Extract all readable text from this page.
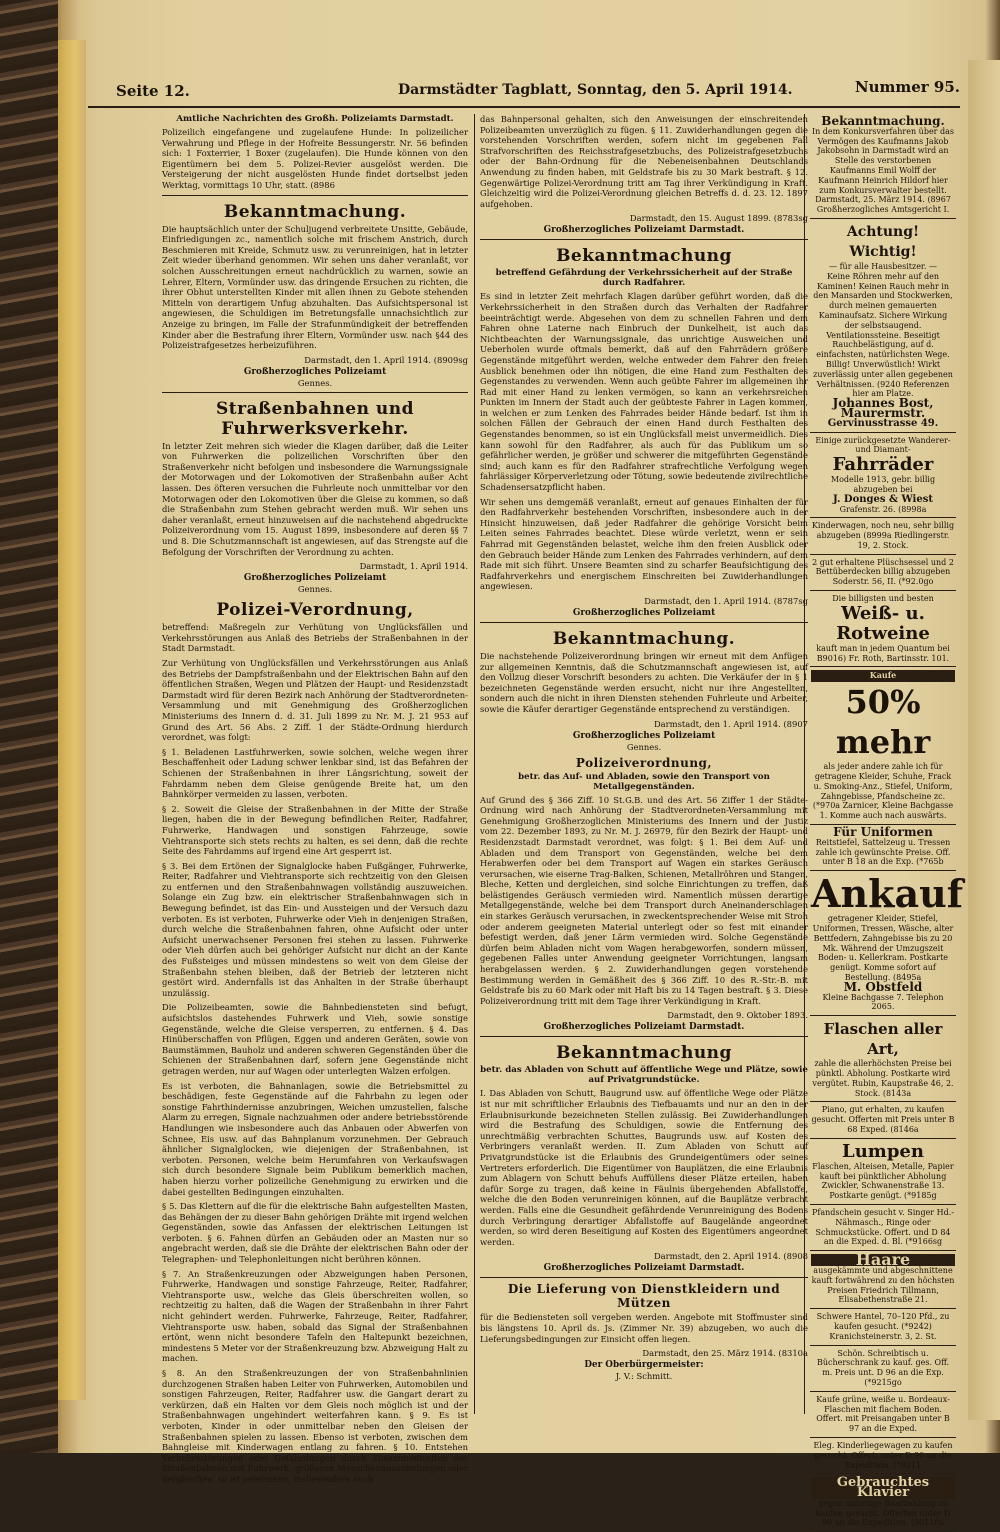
Seite 12.	Darmstädter Tagblatt, Sonntag, den 5. April 1914.	Nummer 95.

Amtliche Nachrichten des Großh. Polizeiamts Darmstadt.

Polizeilich eingefangene und zugelaufene Hunde: In polizeilicher Verwahrung und Pflege in der Hofreite Bessungerstr. Nr. 56 befinden sich: 1 Foxterrier, 1 Boxer (zugelaufen). Die Hunde können von den Eigentümern bei dem 5. Polizei-Revier ausgelöst werden. Die Versteigerung der nicht ausgelösten Hunde findet dortselbst jeden Werktag, vormittags 10 Uhr, statt. (8986

Bekanntmachung.

Die hauptsächlich unter der Schuljugend verbreitete Unsitte, Gebäude, Einfriedigungen zc., namentlich solche mit frischem Anstrich, durch Beschmieren mit Kreide, Schmutz usw. zu verunreinigen, hat in letzter Zeit wieder überhand genommen. Wir sehen uns daher veranlaßt, vor solchen Ausschreitungen erneut nachdrücklich zu warnen, sowie an Lehrer, Eltern, Vormünder usw. das dringende Ersuchen zu richten, die ihrer Obhut unterstellten Kinder mit allen ihnen zu Gebote stehenden Mitteln von derartigem Unfug abzuhalten. Das Aufsichtspersonal ist angewiesen, die Schuldigen im Betretungsfalle unnachsichtlich zur Anzeige zu bringen, im Falle der Strafunmündigkeit der betreffenden Kinder aber die Bestrafung ihrer Eltern, Vormünder usw. nach §44 des Polizeistrafgesetzes herbeizuführen.

Darmstadt, den 1. April 1914. (8909sg

Großherzogliches Polizeiamt

Gennes.

Straßenbahnen und Fuhrwerksverkehr.

In letzter Zeit mehren sich wieder die Klagen darüber, daß die Leiter von Fuhrwerken die polizeilichen Vorschriften über den Straßenverkehr nicht befolgen und insbesondere die Warnungssignale der Motorwagen und der Lokomotiven der Straßenbahn außer Acht lassen. Des öfteren versuchen die Fuhrleute noch unmittelbar vor den Motorwagen oder den Lokomotiven über die Gleise zu kommen, so daß die Straßenbahn zum Stehen gebracht werden muß. Wir sehen uns daher veranlaßt, erneut hinzuweisen auf die nachstehend abgedruckte Polizeiverordnung vom 15. August 1899, insbesondere auf deren §§ 7 und 8. Die Schutzmannschaft ist angewiesen, auf das Strengste auf die Befolgung der Vorschriften der Verordnung zu achten.

Darmstadt, 1. April 1914.

Großherzogliches Polizeiamt

Gennes.

Polizei-Verordnung,

betreffend: Maßregeln zur Verhütung von Unglücksfällen und Verkehrsstörungen aus Anlaß des Betriebs der Straßenbahnen in der Stadt Darmstadt.

Zur Verhütung von Unglücksfällen und Verkehrsstörungen aus Anlaß des Betriebs der Dampfstraßenbahn und der Elektrischen Bahn auf den öffentlichen Straßen, Wegen und Plätzen der Haupt- und Residenzstadt Darmstadt wird für deren Bezirk nach Anhörung der Stadtverordneten-Versammlung und mit Genehmigung des Großherzoglichen Ministeriums des Innern d. d. 31. Juli 1899 zu Nr. M. J. 21 953 auf Grund des Art. 56 Abs. 2 Ziff. 1 der Städte-Ordnung hierdurch verordnet, was folgt:

§ 1. Beladenen Lastfuhrwerken, sowie solchen, welche wegen ihrer Beschaffenheit oder Ladung schwer lenkbar sind, ist das Befahren der Schienen der Straßenbahnen in ihrer Längsrichtung, soweit der Fahrdamm neben dem Gleise genügende Breite hat, um den Bahnkörper vermeiden zu lassen, verboten.

§ 2. Soweit die Gleise der Straßenbahnen in der Mitte der Straße liegen, haben die in der Bewegung befindlichen Reiter, Radfahrer, Fuhrwerke, Handwagen und sonstigen Fahrzeuge, sowie Viehtransporte sich stets rechts zu halten, es sei denn, daß die rechte Seite des Fahrdamms auf irgend eine Art gesperrt ist.

§ 3. Bei dem Ertönen der Signalglocke haben Fußgänger, Fuhrwerke, Reiter, Radfahrer und Viehtransporte sich rechtzeitig von den Gleisen zu entfernen und den Straßenbahnwagen vollständig auszuweichen. Solange ein Zug bzw. ein elektrischer Straßenbahnwagen sich in Bewegung befindet, ist das Ein- und Aussteigen und der Versuch dazu verboten. Es ist verboten, Fuhrwerke oder Vieh in denjenigen Straßen, durch welche die Straßenbahnen fahren, ohne Aufsicht oder unter Aufsicht unerwachsener Personen frei stehen zu lassen. Fuhrwerke oder Vieh dürfen auch bei gehöriger Aufsicht nur dicht an der Kante des Fußsteiges und müssen mindestens so weit von dem Gleise der Straßenbahn stehen bleiben, daß der Betrieb der letzteren nicht gestört wird. Andernfalls ist das Anhalten in der Straße überhaupt unzulässig.

Die Polizeibeamten, sowie die Bahnbediensteten sind befugt, aufsichtslos dastehendes Fuhrwerk und Vieh, sowie sonstige Gegenstände, welche die Gleise versperren, zu entfernen. § 4. Das Hinüberschaffen von Pflügen, Eggen und anderen Geräten, sowie von Baumstämmen, Bauholz und anderen schweren Gegenständen über die Schienen der Straßenbahnen darf, sofern jene Gegenstände nicht getragen werden, nur auf Wagen oder unterlegten Walzen erfolgen.

Es ist verboten, die Bahnanlagen, sowie die Betriebsmittel zu beschädigen, feste Gegenstände auf die Fahrbahn zu legen oder sonstige Fahrthindernisse anzubringen, Weichen umzustellen, falsche Alarm zu erregen, Signale nachzuahmen oder andere betriebsstörende Handlungen wie insbesondere auch das Anbauen oder Abwerfen von Schnee, Eis usw. auf das Bahnplanum vorzunehmen. Der Gebrauch ähnlicher Signalglocken, wie diejenigen der Straßenbahnen, ist verboten. Personen, welche beim Herumfahren von Verkaufswagen sich durch besondere Signale beim Publikum bemerklich machen, haben hierzu vorher polizeiliche Genehmigung zu erwirken und die dabei gestellten Bedingungen einzuhalten.

§ 5. Das Klettern auf die für die elektrische Bahn aufgestellten Masten, das Behängen der zu dieser Bahn gehörigen Drähte mit irgend welchen Gegenständen, sowie das Anfassen der elektrischen Leitungen ist verboten. § 6. Fahnen dürfen an Gebäuden oder an Masten nur so angebracht werden, daß sie die Drähte der elektrischen Bahn oder der Telegraphen- und Telephonleitungen nicht berühren können.

§ 7. An Straßenkreuzungen oder Abzweigungen haben Personen, Fuhrwerke, Handwagen und sonstige Fahrzeuge, Reiter, Radfahrer, Viehtransporte usw., welche das Gleis überschreiten wollen, so rechtzeitig zu halten, daß die Wagen der Straßenbahn in ihrer Fahrt nicht gehindert werden. Fuhrwerke, Fahrzeuge, Reiter, Radfahrer, Viehtransporte usw. haben, sobald das Signal der Straßenbahnen ertönt, wenn nicht besondere Tafeln den Haltepunkt bezeichnen, mindestens 5 Meter vor der Straßenkreuzung bzw. Abzweigung Halt zu machen.

§ 8. An den Straßenkreuzungen der von Straßenbahnlinien durchzogenen Straßen haben Leiter von Fuhrwerken, Automobilen und sonstigen Fahrzeugen, Reiter, Radfahrer usw. die Gangart derart zu verkürzen, daß ein Halten vor dem Gleis noch möglich ist und der Straßenbahnwagen ungehindert weiterfahren kann. § 9. Es ist verboten, Kinder in oder unmittelbar neben den Gleisen der Straßenbahnen spielen zu lassen. Ebenso ist verboten, zwischen dem Bahngleise mit Kinderwagen entlang zu fahren. § 10. Entstehen Verkehrsstörungen oder Gefährdungen durch Zusammentreffen der Straßenbahnen mit Fuhrwerk, größeren Menschenansammlungen oder dergleichen, so ist jedermann, insbesondere auch

das Bahnpersonal gehalten, sich den Anweisungen der einschreitenden Polizeibeamten unverzüglich zu fügen. § 11. Zuwiderhandlungen gegen die vorstehenden Vorschriften werden, sofern nicht im gegebenen Fall Strafvorschriften des Reichsstrafgesetzbuchs, des Polizeistrafgesetzbuchs oder der Bahn-Ordnung für die Nebeneisenbahnen Deutschlands Anwendung zu finden haben, mit Geldstrafe bis zu 30 Mark bestraft. § 12. Gegenwärtige Polizei-Verordnung tritt am Tag ihrer Verkündigung in Kraft. Gleichzeitig wird die Polizei-Verordnung gleichen Betreffs d. d. 23. 12. 1897 aufgehoben.

Darmstadt, den 15. August 1899. (8783sg

Großherzogliches Polizeiamt Darmstadt.

Bekanntmachung

betreffend Gefährdung der Verkehrssicherheit auf der Straße durch Radfahrer.

Es sind in letzter Zeit mehrfach Klagen darüber geführt worden, daß die Verkehrssicherheit in den Straßen durch das Verhalten der Radfahrer beeinträchtigt werde. Abgesehen von dem zu schnellen Fahren und dem Fahren ohne Laterne nach Einbruch der Dunkelheit, ist auch das Nichtbeachten der Warnungssignale, das unrichtige Ausweichen und Ueberholen wurde oftmals bemerkt, daß auf den Fahrrädern größere Gegenstände mitgeführt werden, welche entweder dem Fahrer den freien Ausblick benehmen oder ihn nötigen, die eine Hand zum Festhalten des Gegenstandes zu verwenden. Wenn auch geübte Fahrer im allgemeinen ihr Rad mit einer Hand zu lenken vermögen, so kann an verkehrsreichen Punkten im Innern der Stadt auch der geübteste Fahrer in Lagen kommen, in welchen er zum Lenken des Fahrrades beider Hände bedarf. Ist ihm in solchen Fällen der Gebrauch der einen Hand durch Festhalten des Gegenstandes benommen, so ist ein Unglücksfall meist unvermeidlich. Dies kann sowohl für den Radfahrer, als auch für das Publikum um so gefährlicher werden, je größer und schwerer die mitgeführten Gegenstände sind; auch kann es für den Radfahrer strafrechtliche Verfolgung wegen fahrlässiger Körperverletzung oder Tötung, sowie bedeutende zivilrechtliche Schadensersatzpflicht haben.

Wir sehen uns demgemäß veranlaßt, erneut auf genaues Einhalten der für den Radfahrverkehr bestehenden Vorschriften, insbesondere auch in der Hinsicht hinzuweisen, daß jeder Radfahrer die gehörige Vorsicht beim Leiten seines Fahrrades beachtet. Diese würde verletzt, wenn er sein Fahrrad mit Gegenständen belastet, welche ihm den freien Ausblick oder den Gebrauch beider Hände zum Lenken des Fahrrades verhindern, auf dem Rade mit sich führt. Unsere Beamten sind zu scharfer Beaufsichtigung des Radfahrverkehrs und energischem Einschreiten bei Zuwiderhandlungen angewiesen.

Darmstadt, den 1. April 1914. (8787sg

Großherzogliches Polizeiamt

Bekanntmachung.

Die nachstehende Polizeiverordnung bringen wir erneut mit dem Anfügen zur allgemeinen Kenntnis, daß die Schutzmannschaft angewiesen ist, auf den Vollzug dieser Vorschrift besonders zu achten. Die Verkäufer der in § 1 bezeichneten Gegenstände werden ersucht, nicht nur ihre Angestellten, sondern auch die nicht in ihren Diensten stehenden Fuhrleute und Arbeiter, sowie die Käufer derartiger Gegenstände entsprechend zu verständigen.

Darmstadt, den 1. April 1914. (8907

Großherzogliches Polizeiamt

Gennes.

Polizeiverordnung,

betr. das Auf- und Abladen, sowie den Transport von Metallgegenständen.

Auf Grund des § 366 Ziff. 10 St.G.B. und des Art. 56 Ziffer 1 der Städte-Ordnung wird nach Anhörung der Stadtverordneten-Versammlung mit Genehmigung Großherzoglichen Ministeriums des Innern und der Justiz vom 22. Dezember 1893, zu Nr. M. J. 26979, für den Bezirk der Haupt- und Residenzstadt Darmstadt verordnet, was folgt: § 1. Bei dem Auf- und Abladen und dem Transport von Gegenständen, welche bei dem Herabwerfen oder bei dem Transport auf Wagen ein starkes Geräusch verursachen, wie eiserne Trag-Balken, Schienen, Metallröhren und Stangen, Bleche, Ketten und dergleichen, sind solche Einrichtungen zu treffen, daß belästigendes Geräusch vermieden wird. Namentlich müssen derartige Metallgegenstände, welche bei dem Transport durch Aneinanderschlagen ein starkes Geräusch verursachen, in zweckentsprechender Weise mit Stroh oder anderem geeigneten Material unterlegt oder so fest mit einander befestigt werden, daß jener Lärm vermieden wird. Solche Gegenstände dürfen beim Abladen nicht vom Wagen herabgeworfen, sondern müssen, gegebenen Falles unter Anwendung geeigneter Vorrichtungen, langsam herabgelassen werden. § 2. Zuwiderhandlungen gegen vorstehende Bestimmung werden in Gemäßheit des § 366 Ziff. 10 des R.-Str.-B. mit Geldstrafe bis zu 60 Mark oder mit Haft bis zu 14 Tagen bestraft. § 3. Diese Polizeiverordnung tritt mit dem Tage ihrer Verkündigung in Kraft.

Darmstadt, den 9. Oktober 1893.

Großherzogliches Polizeiamt Darmstadt.

Bekanntmachung

betr. das Abladen von Schutt auf öffentliche Wege und Plätze, sowie auf Privatgrundstücke.

I. Das Abladen von Schutt, Baugrund usw. auf öffentliche Wege oder Plätze ist nur mit schriftlicher Erlaubnis des Tiefbauamts und nur an den in der Erlaubnisurkunde bezeichneten Stellen zulässig. Bei Zuwiderhandlungen wird die Bestrafung des Schuldigen, sowie die Entfernung des unrechtmäßig verbrachten Schuttes, Baugrunds usw. auf Kosten des Verbringers veranlaßt werden. II. Zum Abladen von Schutt auf Privatgrundstücke ist die Erlaubnis des Grundeigentümers oder seines Vertreters erforderlich. Die Eigentümer von Bauplätzen, die eine Erlaubnis zum Ablagern von Schutt behufs Auffüllens dieser Plätze erteilen, haben dafür Sorge zu tragen, daß keine in Fäulnis übergehenden Abfallstoffe, welche die den Boden verunreinigen können, auf die Bauplätze verbracht werden. Falls eine die Gesundheit gefährdende Verunreinigung des Bodens durch Verbringung derartiger Abfallstoffe auf Baugelände angeordnet werden, so wird deren Beseitigung auf Kosten des Eigentümers angeordnet werden.

Darmstadt, den 2. April 1914. (8908

Großherzogliches Polizeiamt Darmstadt.

Die Lieferung von Dienstkleidern und Mützen

für die Bediensteten soll vergeben werden. Angebote mit Stoffmuster sind bis längstens 10. April ds. Js. (Zimmer Nr. 39) abzugeben, wo auch die Lieferungsbedingungen zur Einsicht offen liegen.

Darmstadt, den 25. März 1914. (8310a

Der Oberbürgermeister:

J. V.: Schmitt.

Bekanntmachung.
In dem Konkursverfahren über das Vermögen des Kaufmanns Jakob Jakobsohn in Darmstadt wird an Stelle des verstorbenen Kaufmanns Emil Wolff der Kaufmann Heinrich Hildorf hier zum Konkursverwalter bestellt. Darmstadt, 25. März 1914. (8967 Großherzogliches Amtsgericht I.
Achtung! Wichtig!
— für alle Hausbesitzer. —
Keine Röhren mehr auf den Kaminen! Keinen Rauch mehr in den Mansarden und Stockwerken, durch meinen gemauerten Kaminaufsatz. Sichere Wirkung der selbstsaugend. Ventilationssteine. Beseitigt Rauchbelästigung, auf d. einfachsten, natürlichsten Wege. Billig! Unverwüstlich! Wirkt zuverlässig unter allen gegebenen Verhältnissen. (9240 Referenzen hier am Platze.
Johannes Bost, Maurermstr.
Gervinusstrasse 49.
Einige zurückgesetzte Wanderer- und Diamant-
Fahrräder
Modelle 1913, gebr. billig abzugeben bei
J. Donges & Wiest
Grafenstr. 26. (8998a
Kinderwagen, noch neu, sehr billig abzugeben (8999a Riedlingerstr. 19, 2. Stock.
2 gut erhaltene Plüschsessel und 2 Bettüberdecken billig abzugeben Soderstr. 56, II. (*92.0go
Die billigsten und besten
Weiß- u. Rotweine
kauft man in jedem Quantum bei B9016) Fr. Roth, Bartinsstr. 101.
Kaufe
50% mehr
als jeder andere zahle ich für getragene Kleider, Schuhe, Frack u. Smoking-Anz., Stiefel, Uniform, Zahngebisse, Pfandscheine zc. (*970a Zarnicer, Kleine Bachgasse 1. Komme auch nach auswärts.
Für Uniformen
Reitstiefel, Sattelzeug u. Tressen zahle ich gewünschte Preise. Off. unter B 18 an die Exp. (*765b
Ankauf
getragener Kleider, Stiefel, Uniformen, Tressen, Wäsche, alter Bettfedern, Zahngebisse bis zu 20 Mk. Während der Umzugszeit Boden- u. Kellerkram. Postkarte genügt. Komme sofort auf Bestellung. (8495a
M. Obstfeld
Kleine Bachgasse 7. Telephon 2065.
Flaschen aller Art,
zahle die allerhöchsten Preise bei pünktl. Abholung. Postkarte wird vergütet. Rubin, Kaupstraße 46, 2. Stock. (8143a
Piano, gut erhalten, zu kaufen gesucht. Offerten mit Preis unter B 68 Exped. (8146a
Lumpen
Flaschen, Alteisen, Metalle, Papier kauft bei pünktlicher Abholung Zwickler, Schwanenstraße 13. Postkarte genügt. (*9185g
Pfandschein gesucht v. Singer Hd.-Nähmasch., Ringe oder Schmuckstücke. Offert. und D 84 an die Exped. d. Bl. (*9166sg
Haare
ausgekämmte und abgeschnittene kauft fortwährend zu den höchsten Preisen Friedrich Tillmann, Elisabethenstraße 21.
Schwere Hantel, 70–120 Pfd., zu kaufen gesucht. (*9242) Kranichsteinerstr. 3, 2. St.
Schön. Schreibtisch u. Bücherschrank zu kauf. ges. Off. m. Preis unt. D 96 an die Exp. (*9215go
Kaufe grüne, weiße u. Bordeaux-Flaschen mit flachem Boden. Offert. mit Preisangaben unter B 97 an die Exped.
Eleg. Kinderliegewagen zu kaufen gesucht. Offert. unter D 90 an die Expedition. (*9211
Gebrauchtes Klavier
gegen sofortige Baarzahlung zu kaufen gesucht. Offerten unter D 99 an die Expedition. (9011fsi
